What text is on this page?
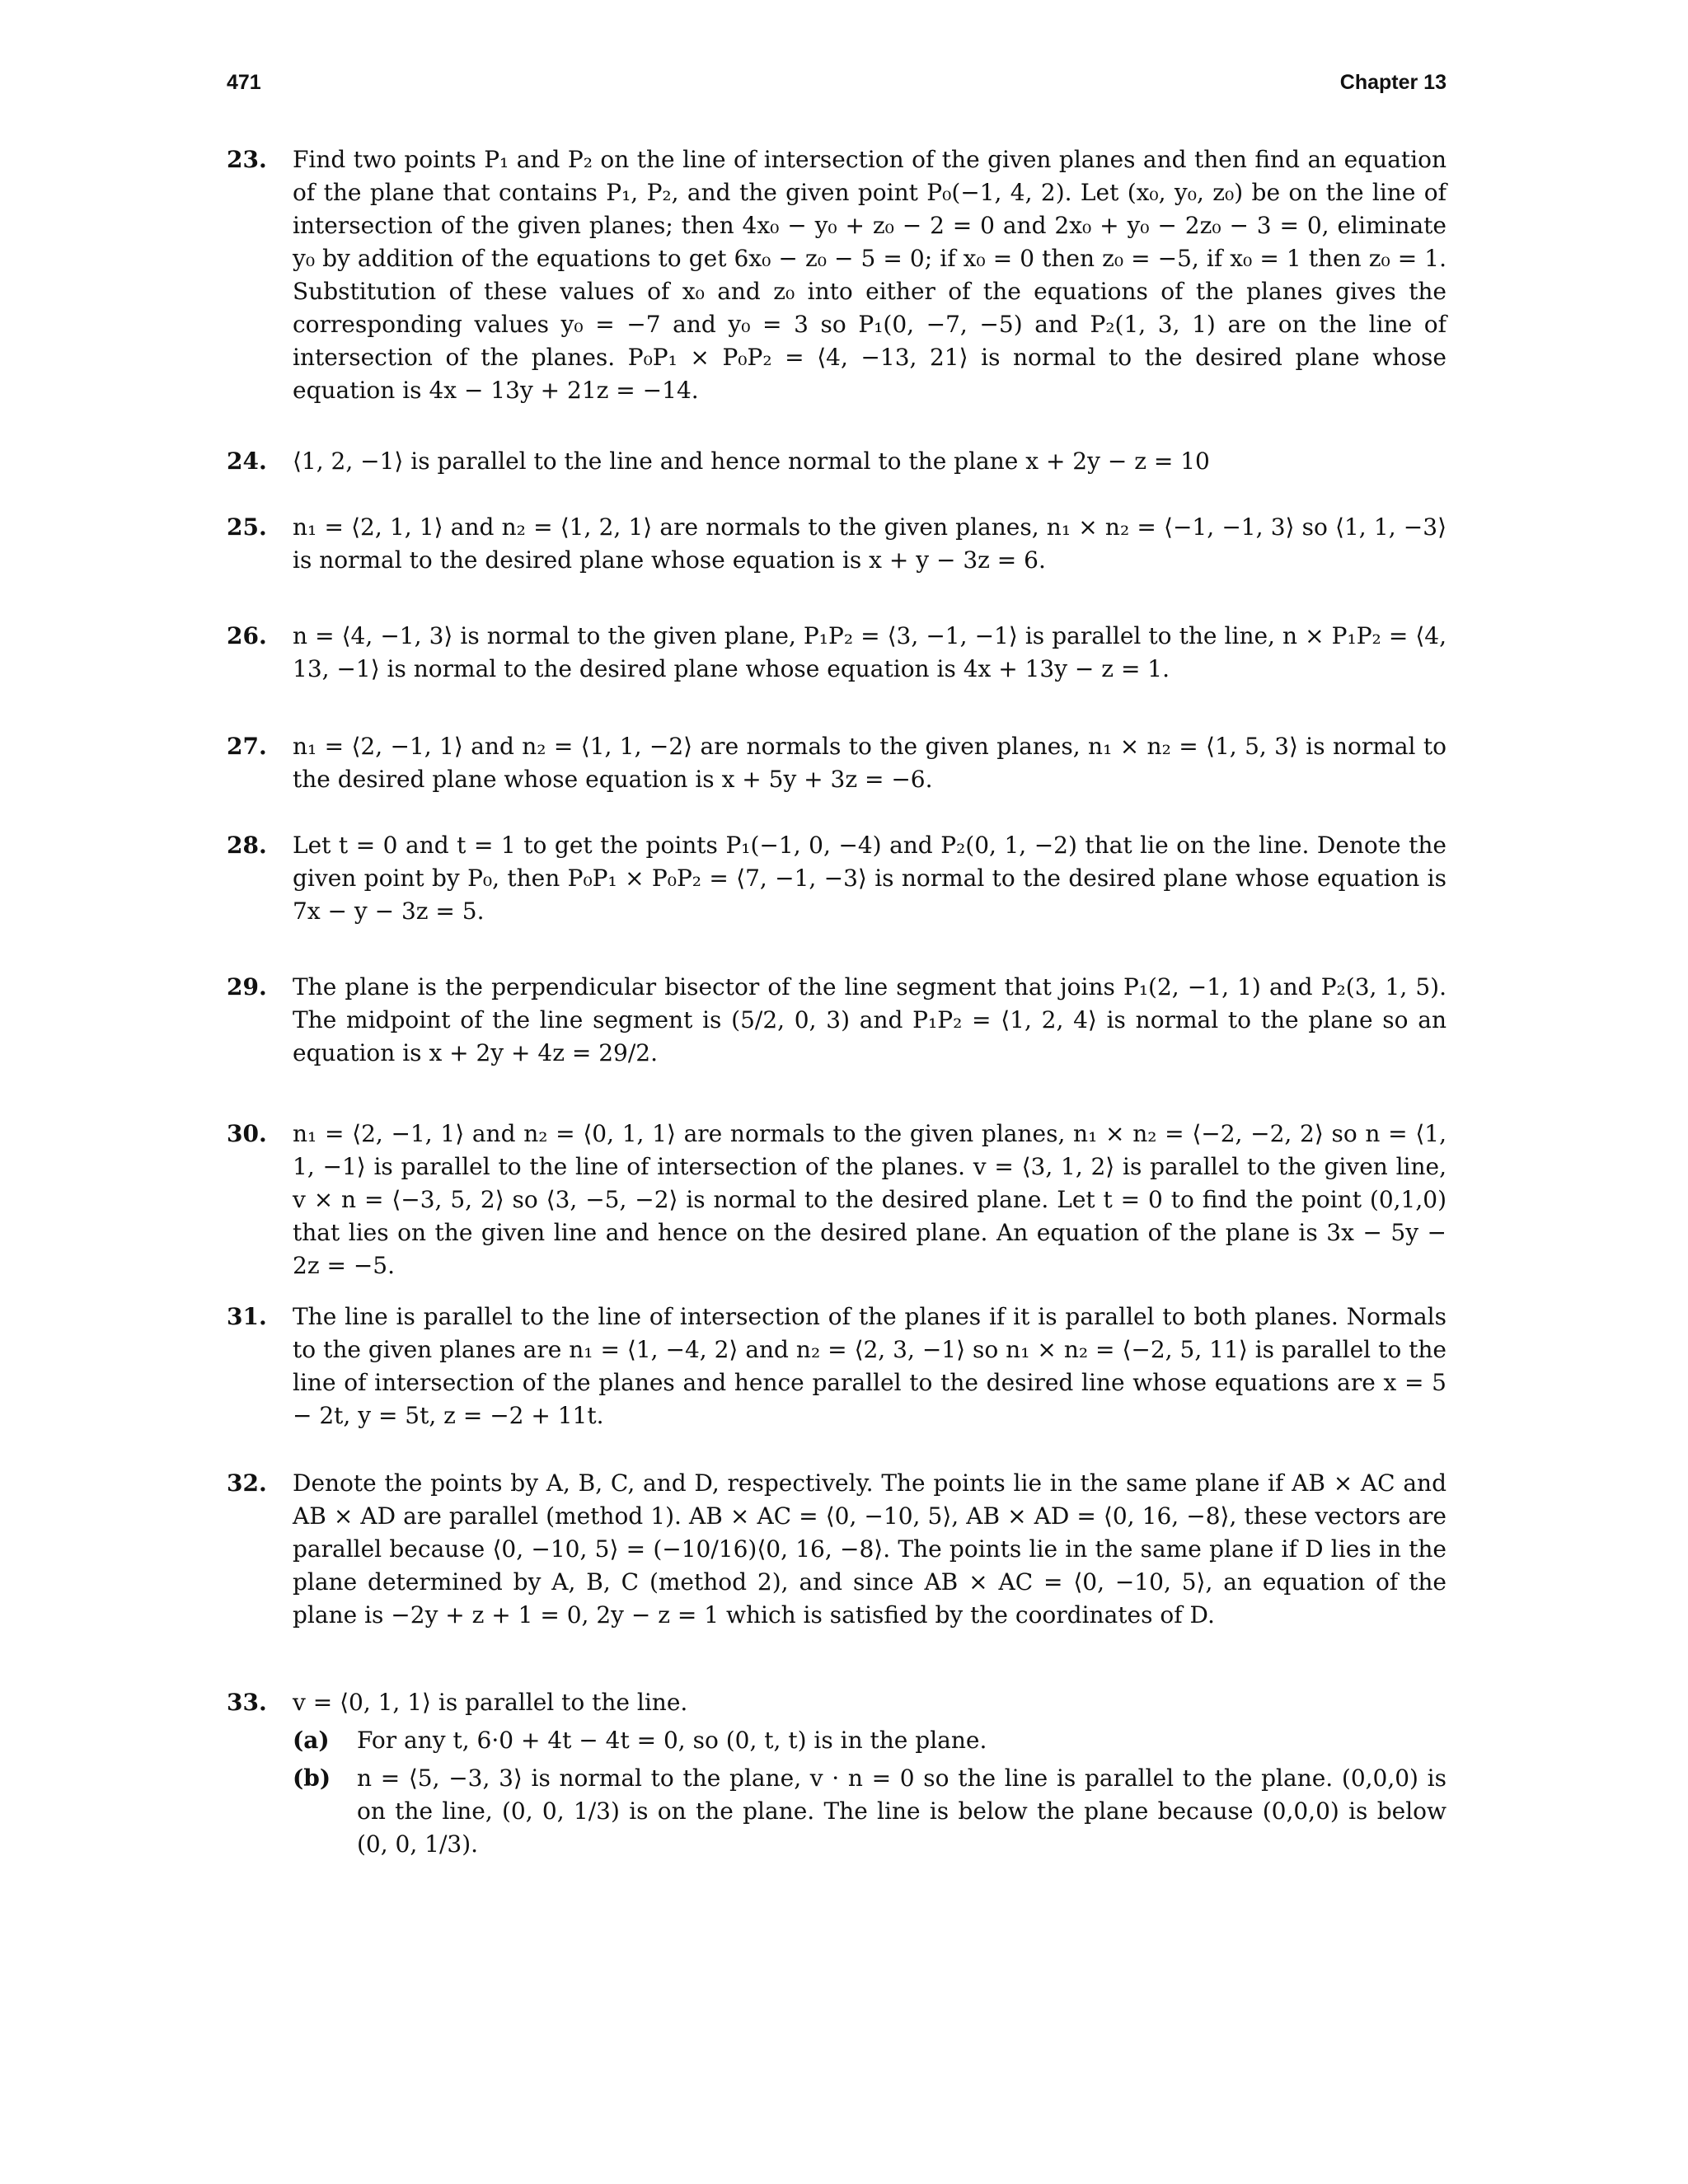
471	Chapter 13
23. Find two points P₁ and P₂ on the line of intersection of the given planes and then find an equation of the plane that contains P₁, P₂, and the given point P₀(−1, 4, 2). Let (x₀, y₀, z₀) be on the line of intersection of the given planes; then 4x₀ − y₀ + z₀ − 2 = 0 and 2x₀ + y₀ − 2z₀ − 3 = 0, eliminate y₀ by addition of the equations to get 6x₀ − z₀ − 5 = 0; if x₀ = 0 then z₀ = −5, if x₀ = 1 then z₀ = 1. Substitution of these values of x₀ and z₀ into either of the equations of the planes gives the corresponding values y₀ = −7 and y₀ = 3 so P₁(0, −7, −5) and P₂(1, 3, 1) are on the line of intersection of the planes. P₀P₁ × P₀P₂ = ⟨4, −13, 21⟩ is normal to the desired plane whose equation is 4x − 13y + 21z = −14.
24. ⟨1, 2, −1⟩ is parallel to the line and hence normal to the plane x + 2y − z = 10
25. n₁ = ⟨2, 1, 1⟩ and n₂ = ⟨1, 2, 1⟩ are normals to the given planes, n₁ × n₂ = ⟨−1, −1, 3⟩ so ⟨1, 1, −3⟩ is normal to the desired plane whose equation is x + y − 3z = 6.
26. n = ⟨4, −1, 3⟩ is normal to the given plane, P₁P₂ = ⟨3, −1, −1⟩ is parallel to the line, n × P₁P₂ = ⟨4, 13, −1⟩ is normal to the desired plane whose equation is 4x + 13y − z = 1.
27. n₁ = ⟨2, −1, 1⟩ and n₂ = ⟨1, 1, −2⟩ are normals to the given planes, n₁ × n₂ = ⟨1, 5, 3⟩ is normal to the desired plane whose equation is x + 5y + 3z = −6.
28. Let t = 0 and t = 1 to get the points P₁(−1, 0, −4) and P₂(0, 1, −2) that lie on the line. Denote the given point by P₀, then P₀P₁ × P₀P₂ = ⟨7, −1, −3⟩ is normal to the desired plane whose equation is 7x − y − 3z = 5.
29. The plane is the perpendicular bisector of the line segment that joins P₁(2, −1, 1) and P₂(3, 1, 5). The midpoint of the line segment is (5/2, 0, 3) and P₁P₂ = ⟨1, 2, 4⟩ is normal to the plane so an equation is x + 2y + 4z = 29/2.
30. n₁ = ⟨2, −1, 1⟩ and n₂ = ⟨0, 1, 1⟩ are normals to the given planes, n₁ × n₂ = ⟨−2, −2, 2⟩ so n = ⟨1, 1, −1⟩ is parallel to the line of intersection of the planes. v = ⟨3, 1, 2⟩ is parallel to the given line, v × n = ⟨−3, 5, 2⟩ so ⟨3, −5, −2⟩ is normal to the desired plane. Let t = 0 to find the point (0,1,0) that lies on the given line and hence on the desired plane. An equation of the plane is 3x − 5y − 2z = −5.
31. The line is parallel to the line of intersection of the planes if it is parallel to both planes. Normals to the given planes are n₁ = ⟨1, −4, 2⟩ and n₂ = ⟨2, 3, −1⟩ so n₁ × n₂ = ⟨−2, 5, 11⟩ is parallel to the line of intersection of the planes and hence parallel to the desired line whose equations are x = 5 − 2t, y = 5t, z = −2 + 11t.
32. Denote the points by A, B, C, and D, respectively. The points lie in the same plane if AB × AC and AB × AD are parallel (method 1). AB × AC = ⟨0, −10, 5⟩, AB × AD = ⟨0, 16, −8⟩, these vectors are parallel because ⟨0, −10, 5⟩ = (−10/16)⟨0, 16, −8⟩. The points lie in the same plane if D lies in the plane determined by A, B, C (method 2), and since AB × AC = ⟨0, −10, 5⟩, an equation of the plane is −2y + z + 1 = 0, 2y − z = 1 which is satisfied by the coordinates of D.
33. v = ⟨0, 1, 1⟩ is parallel to the line.
(a) For any t, 6·0 + 4t − 4t = 0, so (0, t, t) is in the plane.
(b) n = ⟨5, −3, 3⟩ is normal to the plane, v · n = 0 so the line is parallel to the plane. (0,0,0) is on the line, (0, 0, 1/3) is on the plane. The line is below the plane because (0,0,0) is below (0, 0, 1/3).
